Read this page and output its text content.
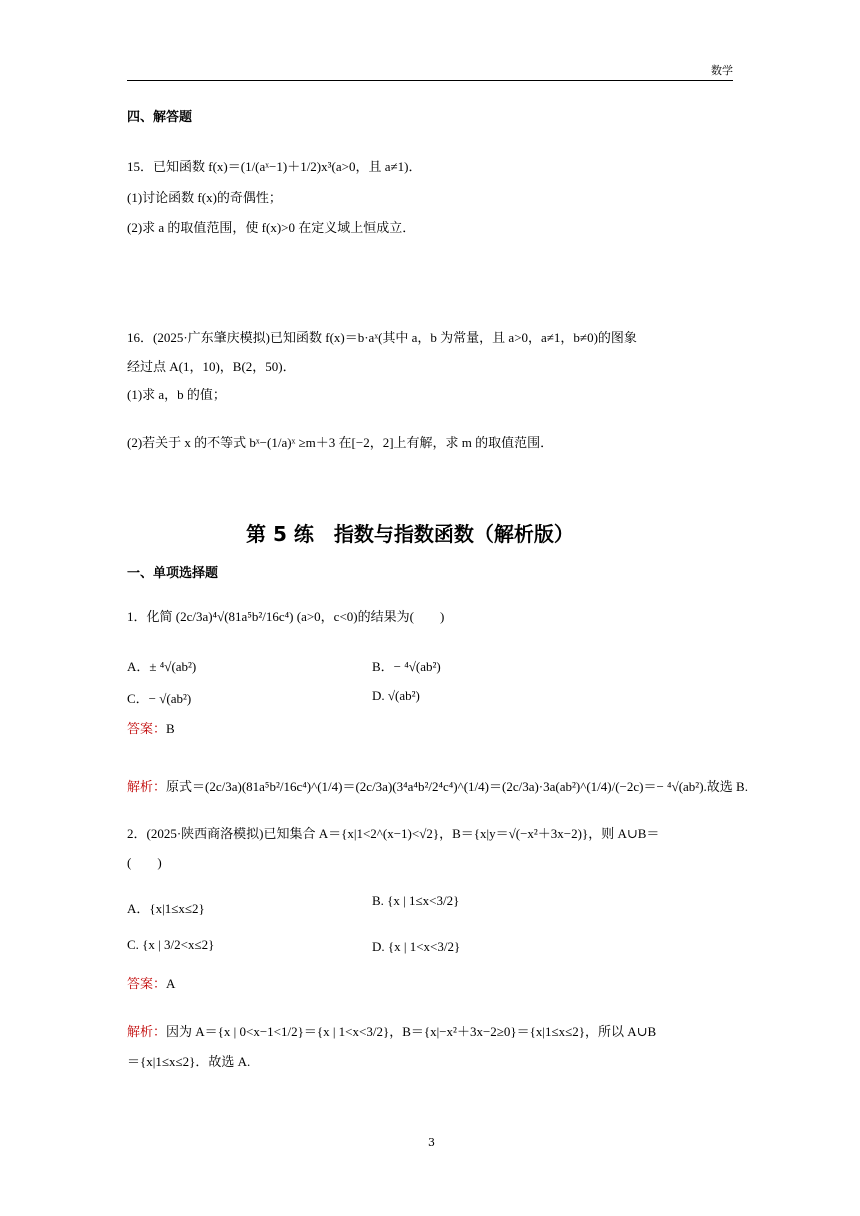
数学
四、解答题
15．已知函数 f(x)＝(1/(aˣ−1)＋1/2)x³(a>0，且 a≠1)．
(1)讨论函数 f(x)的奇偶性；
(2)求 a 的取值范围，使 f(x)>0 在定义域上恒成立．
16．(2025·广东肇庆模拟)已知函数 f(x)＝b·aˣ(其中 a，b 为常量，且 a>0，a≠1，b≠0)的图象
经过点 A(1，10)，B(2，50)．
(1)求 a，b 的值；
(2)若关于 x 的不等式 bˣ−(1/a)ˣ ≥m＋3 在[−2，2]上有解，求 m 的取值范围．
第 5 练　指数与指数函数（解析版）
一、单项选择题
1．化简 (2c/3a)⁴√(81a⁵b²/16c⁴) (a>0，c<0)的结果为(　　)
A．± ⁴√(ab²)	B．− ⁴√(ab²)
C．− √(ab²)	D. √(ab²)
答案：B
解析：原式＝(2c/3a)(81a⁵b²/16c⁴)^(1/4)＝(2c/3a)(3⁴a⁴b²/2⁴c⁴)^(1/4)＝(2c/3a)·3a(ab²)^(1/4)/(−2c)＝− ⁴√(ab²).故选 B.
2．(2025·陕西商洛模拟)已知集合 A＝{x|1<2^(x−1)<√2}，B＝{x|y＝√(−x²＋3x−2)}，则 A∪B＝
(　　)
A．{x|1≤x≤2}
B. {x | 1≤x<3/2}
C. {x | 3/2<x≤2}	D. {x | 1<x<3/2}
答案：A
解析：因为 A＝{x | 0<x−1<1/2}＝{x | 1<x<3/2}，B＝{x|−x²＋3x−2≥0}＝{x|1≤x≤2}，所以 A∪B
＝{x|1≤x≤2}．故选 A.
3
